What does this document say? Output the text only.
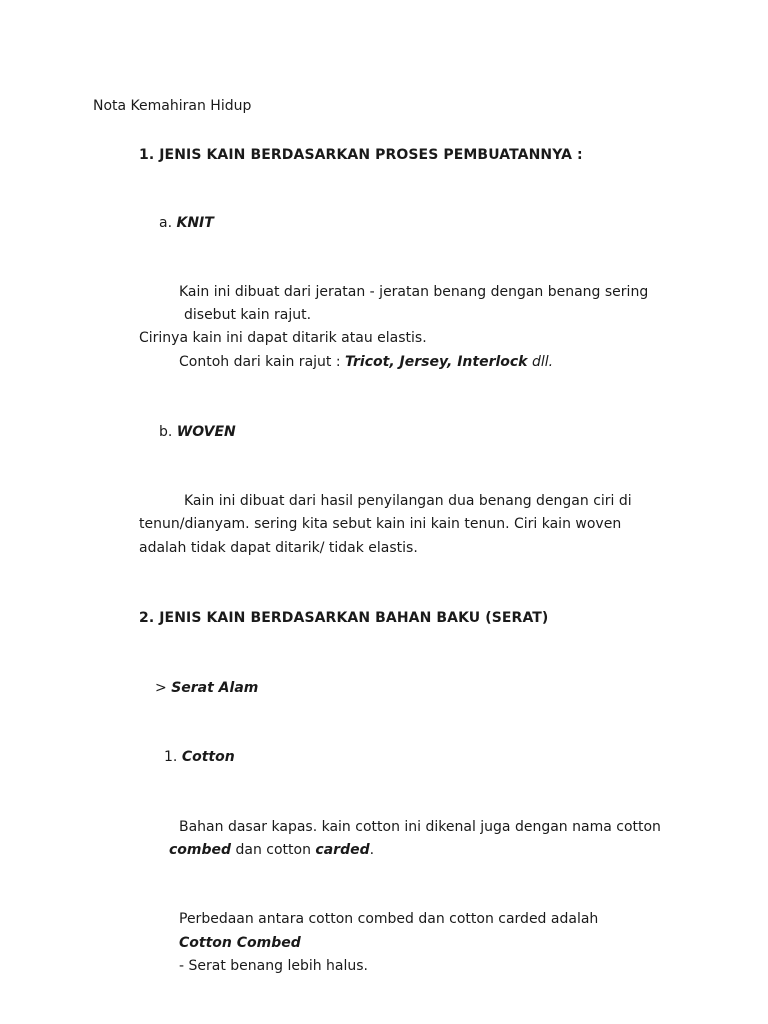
Nota Kemahiran Hidup
1. JENIS KAIN BERDASARKAN PROSES PEMBUATANNYA :
a. KNIT
Kain ini dibuat dari jeratan - jeratan benang dengan benang sering
disebut kain rajut.
Cirinya kain ini dapat ditarik atau elastis.
Contoh dari kain rajut : Tricot, Jersey, Interlock dll.
b. WOVEN
Kain ini dibuat dari hasil penyilangan dua benang dengan ciri di
tenun/dianyam. sering kita sebut kain ini kain tenun. Ciri kain woven
adalah tidak dapat ditarik/ tidak elastis.
2. JENIS KAIN BERDASARKAN BAHAN BAKU (SERAT)
> Serat Alam
1. Cotton
Bahan dasar kapas. kain cotton ini dikenal juga dengan nama cotton
combed dan cotton carded.
Perbedaan antara cotton combed dan cotton carded adalah
Cotton Combed
- Serat benang lebih halus.
